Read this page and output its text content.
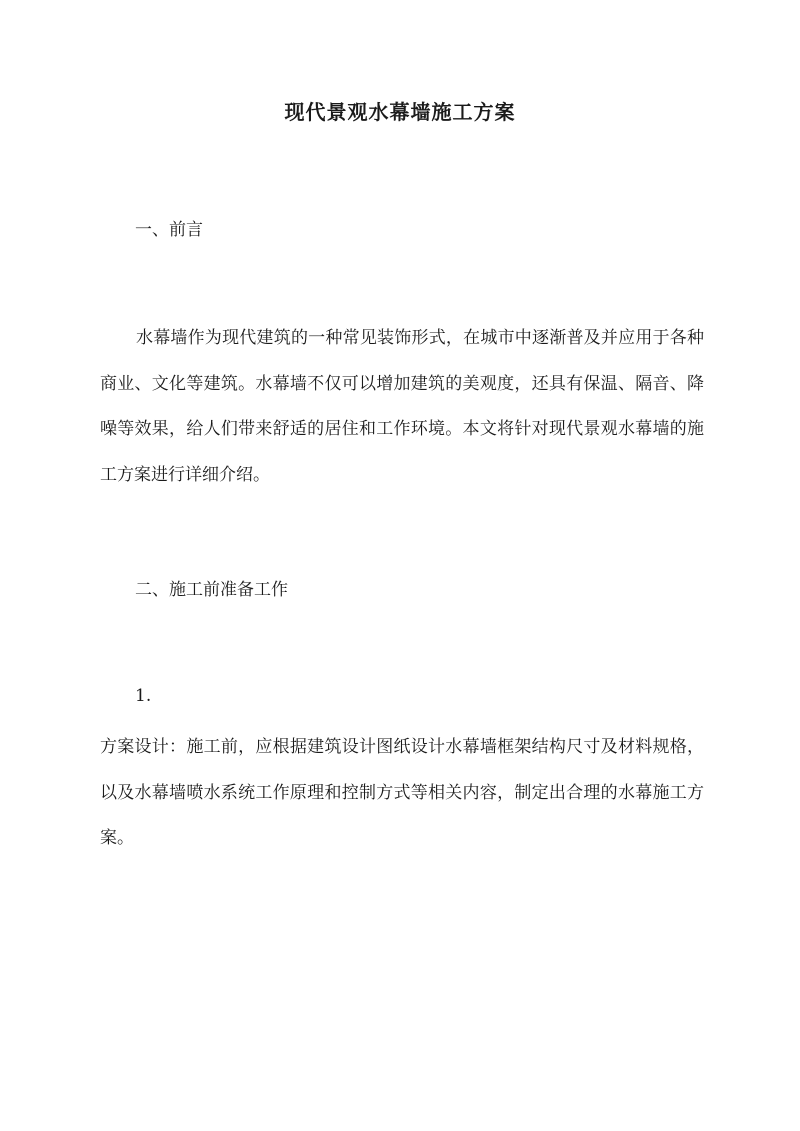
现代景观水幕墙施工方案
一、前言

水幕墙作为现代建筑的一种常见装饰形式，在城市中逐渐普及并应用于各种商业、文化等建筑。水幕墙不仅可以增加建筑的美观度，还具有保温、隔音、降噪等效果，给人们带来舒适的居住和工作环境。本文将针对现代景观水幕墙的施工方案进行详细介绍。

二、施工前准备工作

1.

方案设计：施工前，应根据建筑设计图纸设计水幕墙框架结构尺寸及材料规格，以及水幕墙喷水系统工作原理和控制方式等相关内容，制定出合理的水幕施工方案。
